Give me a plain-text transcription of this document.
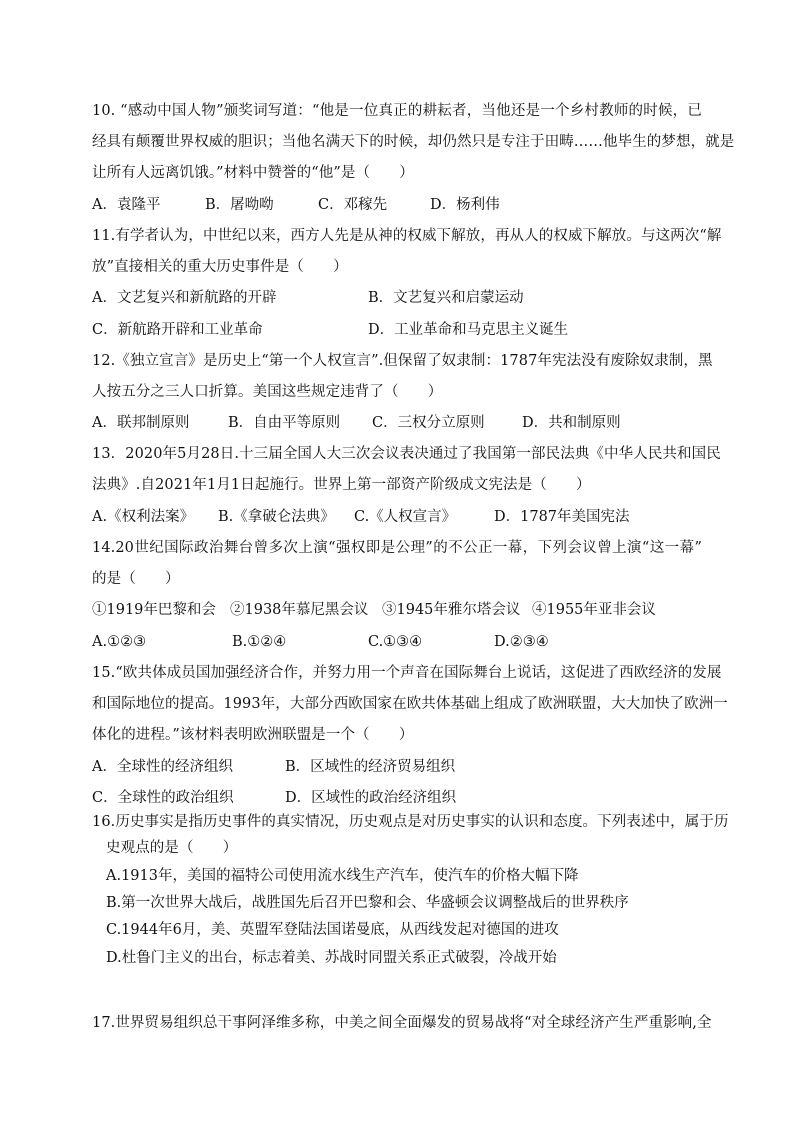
10. “感动中国人物”颁奖词写道：“他是一位真正的耕耘者，当他还是一个乡村教师的时候，已
经具有颠覆世界权威的胆识；当他名满天下的时候，却仍然只是专注于田畴……他毕生的梦想，就是
让所有人远离饥饿。”材料中赞誉的“他”是（　　）
A．袁隆平	B．屠呦呦	C．邓稼先	D．杨利伟
11.有学者认为，中世纪以来，西方人先是从神的权威下解放，再从人的权威下解放。与这两次“解
放”直接相关的重大历史事件是（　　）
A．文艺复兴和新航路的开辟	B．文艺复兴和启蒙运动
C．新航路开辟和工业革命	D．工业革命和马克思主义诞生
12.《独立宣言》是历史上“第一个人权宣言”.但保留了奴隶制：1787年宪法没有废除奴隶制，黑
人按五分之三人口折算。美国这些规定违背了（　　）
A．联邦制原则	B．自由平等原则 C．三权分立原则	D．共和制原则
13．2020年5月28日.十三届全国人大三次会议表决通过了我国第一部民法典《中华人民共和国民
法典》.自2021年1月1日起施行。世界上第一部资产阶级成文宪法是（　　）
A.《权利法案》 B.《拿破仑法典》 C.《人权宣言》	D．1787年美国宪法
14.20世纪国际政治舞台曾多次上演“强权即是公理”的不公正一幕，下列会议曾上演“这一幕”
的是（　　）
①1919年巴黎和会 ②1938年慕尼黑会议 ③1945年雅尔塔会议 ④1955年亚非会议
A.①②③	B.①②④	C.①③④	D.②③④
15.“欧共体成员国加强经济合作，并努力用一个声音在国际舞台上说话，这促进了西欧经济的发展
和国际地位的提高。1993年，大部分西欧国家在欧共体基础上组成了欧洲联盟，大大加快了欧洲一
体化的进程。”该材料表明欧洲联盟是一个（　　）
A．全球性的经济组织	B．区域性的经济贸易组织
C．全球性的政治组织	D．区域性的政治经济组织
16.历史事实是指历史事件的真实情况，历史观点是对历史事实的认识和态度。下列表述中，属于历
史观点的是（　　）
A.1913年，美国的福特公司使用流水线生产汽车，使汽车的价格大幅下降
B.第一次世界大战后，战胜国先后召开巴黎和会、华盛顿会议调整战后的世界秩序
C.1944年6月，美、英盟军登陆法国诺曼底，从西线发起对德国的进攻
D.杜鲁门主义的出台，标志着美、苏战时同盟关系正式破裂，冷战开始
17.世界贸易组织总干事阿泽维多称，中美之间全面爆发的贸易战将“对全球经济产生严重影响,全
